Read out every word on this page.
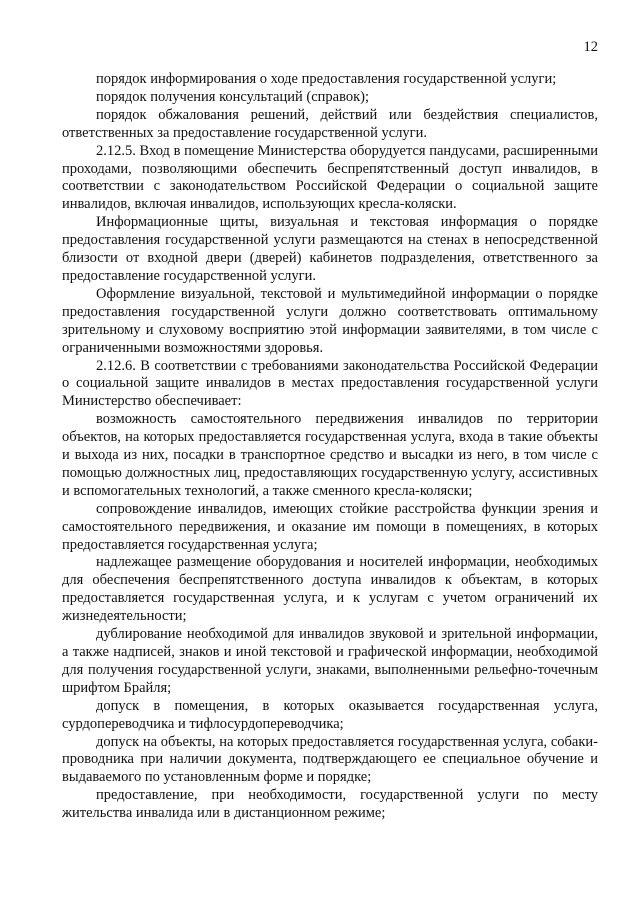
12

порядок информирования о ходе предоставления государственной услуги;

порядок получения консультаций (справок);

порядок обжалования решений, действий или бездействия специалистов, ответственных за предоставление государственной услуги.

2.12.5. Вход в помещение Министерства оборудуется пандусами, расширенными проходами, позволяющими обеспечить беспрепятственный доступ инвалидов, в соответствии с законодательством Российской Федерации о социальной защите инвалидов, включая инвалидов, использующих кресла-коляски.

Информационные щиты, визуальная и текстовая информация о порядке предоставления государственной услуги размещаются на стенах в непосредственной близости от входной двери (дверей) кабинетов подразделения, ответственного за предоставление государственной услуги.

Оформление визуальной, текстовой и мультимедийной информации о порядке предоставления государственной услуги должно соответствовать оптимальному зрительному и слуховому восприятию этой информации заявителями, в том числе с ограниченными возможностями здоровья.

2.12.6. В соответствии с требованиями законодательства Российской Федерации о социальной защите инвалидов в местах предоставления государственной услуги Министерство обеспечивает:

возможность самостоятельного передвижения инвалидов по территории объектов, на которых предоставляется государственная услуга, входа в такие объекты и выхода из них, посадки в транспортное средство и высадки из него, в том числе с помощью должностных лиц, предоставляющих государственную услугу, ассистивных и вспомогательных технологий, а также сменного кресла-коляски;

сопровождение инвалидов, имеющих стойкие расстройства функции зрения и самостоятельного передвижения, и оказание им помощи в помещениях, в которых предоставляется государственная услуга;

надлежащее размещение оборудования и носителей информации, необходимых для обеспечения беспрепятственного доступа инвалидов к объектам, в которых предоставляется государственная услуга, и к услугам с учетом ограничений их жизнедеятельности;

дублирование необходимой для инвалидов звуковой и зрительной информации, а также надписей, знаков и иной текстовой и графической информации, необходимой для получения государственной услуги, знаками, выполненными рельефно-точечным шрифтом Брайля;

допуск в помещения, в которых оказывается государственная услуга, сурдопереводчика и тифлосурдопереводчика;

допуск на объекты, на которых предоставляется государственная услуга, собаки-проводника при наличии документа, подтверждающего ее специальное обучение и выдаваемого по установленным форме и порядке;

предоставление, при необходимости, государственной услуги по месту жительства инвалида или в дистанционном режиме;
